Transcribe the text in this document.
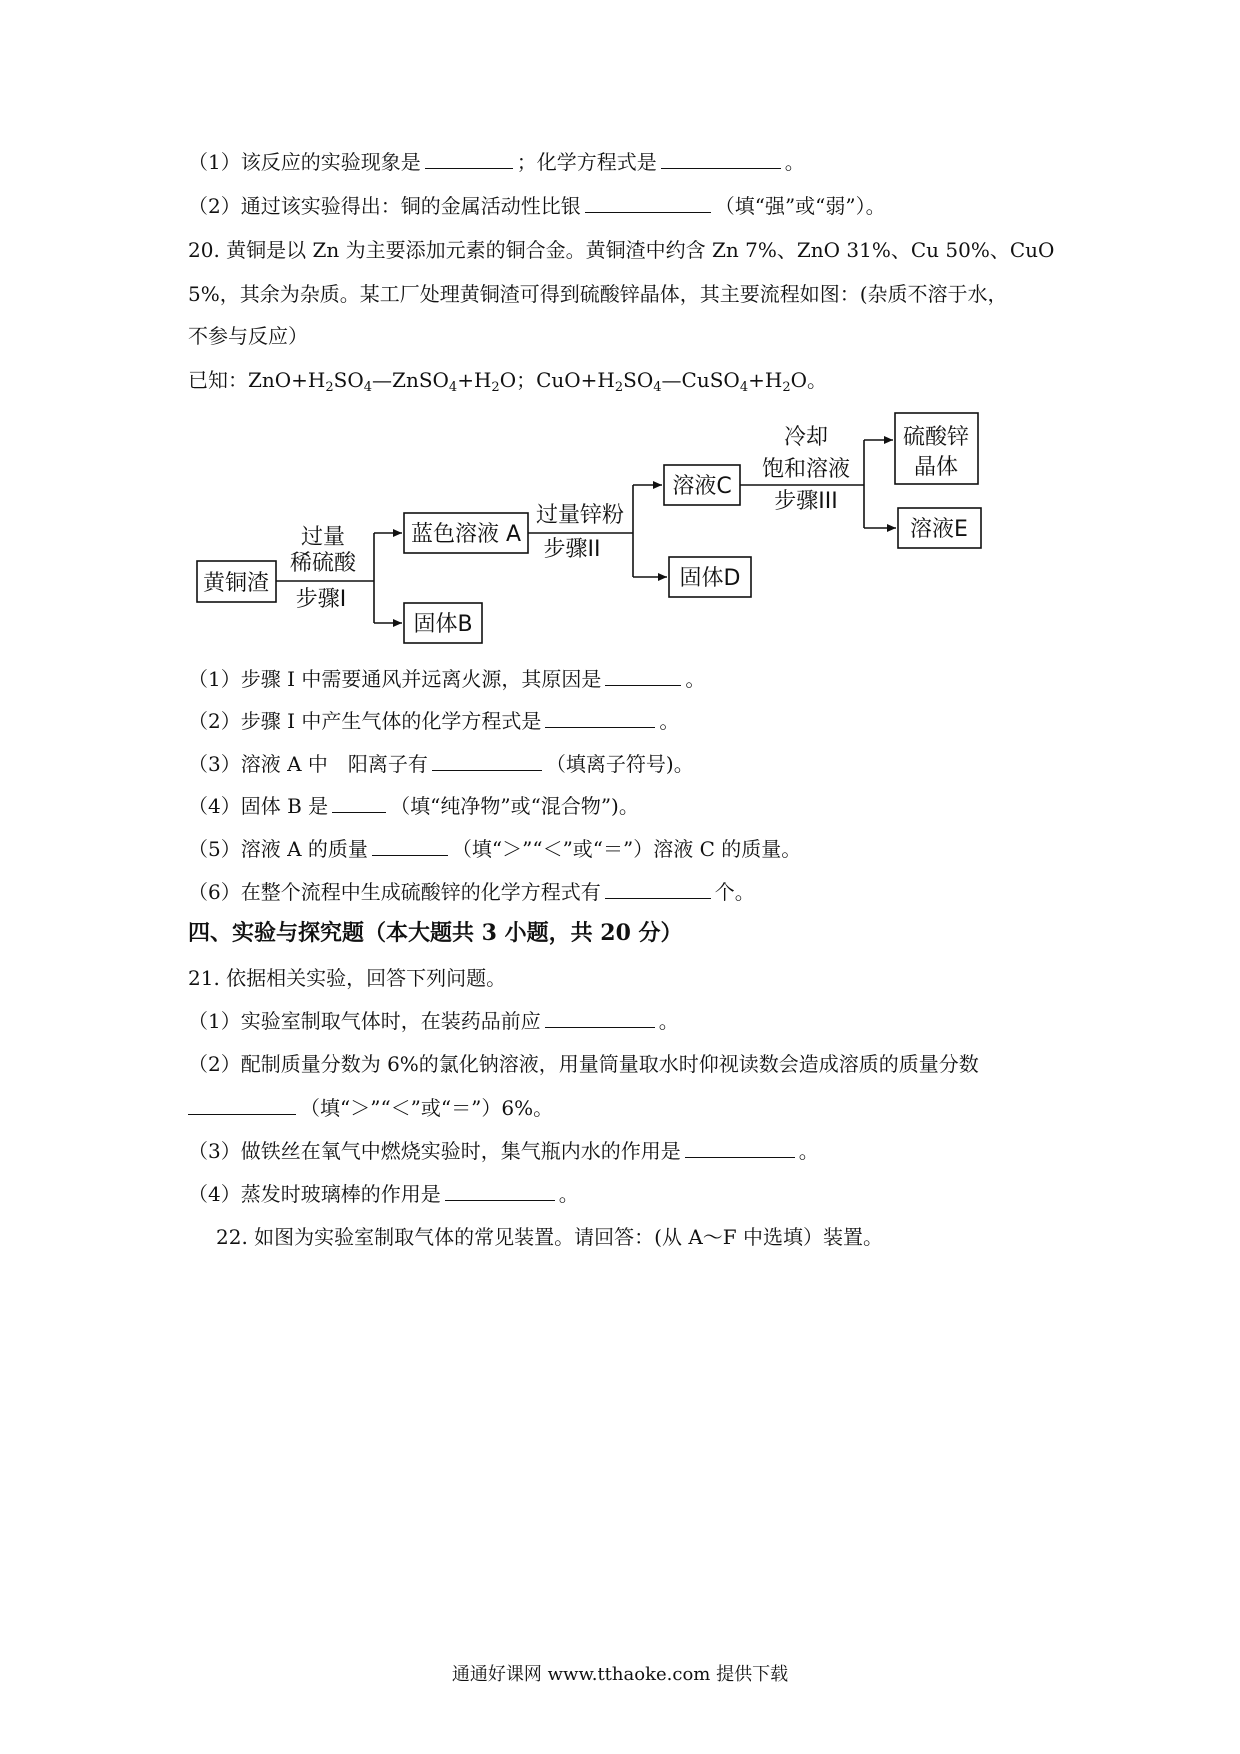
（1）该反应的实验现象是	；化学方程式是	。
（2）通过该实验得出：铜的金属活动性比银	（填“强”或“弱”）。
20. 黄铜是以 Zn 为主要添加元素的铜合金。黄铜渣中约含 Zn 7%、ZnO 31%、Cu 50%、CuO
5%，其余为杂质。某工厂处理黄铜渣可得到硫酸锌晶体，其主要流程如图：(杂质不溶于水，
不参与反应）
已知：$ZnO+H_2SO_4—ZnSO_4+H_2O$；$CuO+H_2SO_4—CuSO_4+H_2O$。
黄铜渣
过量
稀硫酸
步骤I
蓝色溶液 A
固体B
过量锌粉
步骤II
溶液C
固体D
冷却
饱和溶液
步骤III
硫酸锌
晶体
溶液E
（1）步骤 I 中需要通风并远离火源，其原因是	。
（2）步骤 I 中产生气体的化学方程式是	。
（3）溶液 A 中　阳离子有	（填离子符号)。
（4）固体 B 是	（填“纯净物”或“混合物”)。
（5）溶液 A 的质量	（填“＞”“＜”或“＝”）溶液 C 的质量。
（6）在整个流程中生成硫酸锌的化学方程式有	个。
四、实验与探究题（本大题共 3 小题，共 20 分）
21. 依据相关实验，回答下列问题。
（1）实验室制取气体时，在装药品前应	。
（2）配制质量分数为 6%的氯化钠溶液，用量筒量取水时仰视读数会造成溶质的质量分数
（填“＞”“＜”或“＝”）6%。
（3）做铁丝在氧气中燃烧实验时，集气瓶内水的作用是	。
（4）蒸发时玻璃棒的作用是	。
22. 如图为实验室制取气体的常见装置。请回答：(从 A～F 中选填）装置。
通通好课网 www.tthaoke.com 提供下载
